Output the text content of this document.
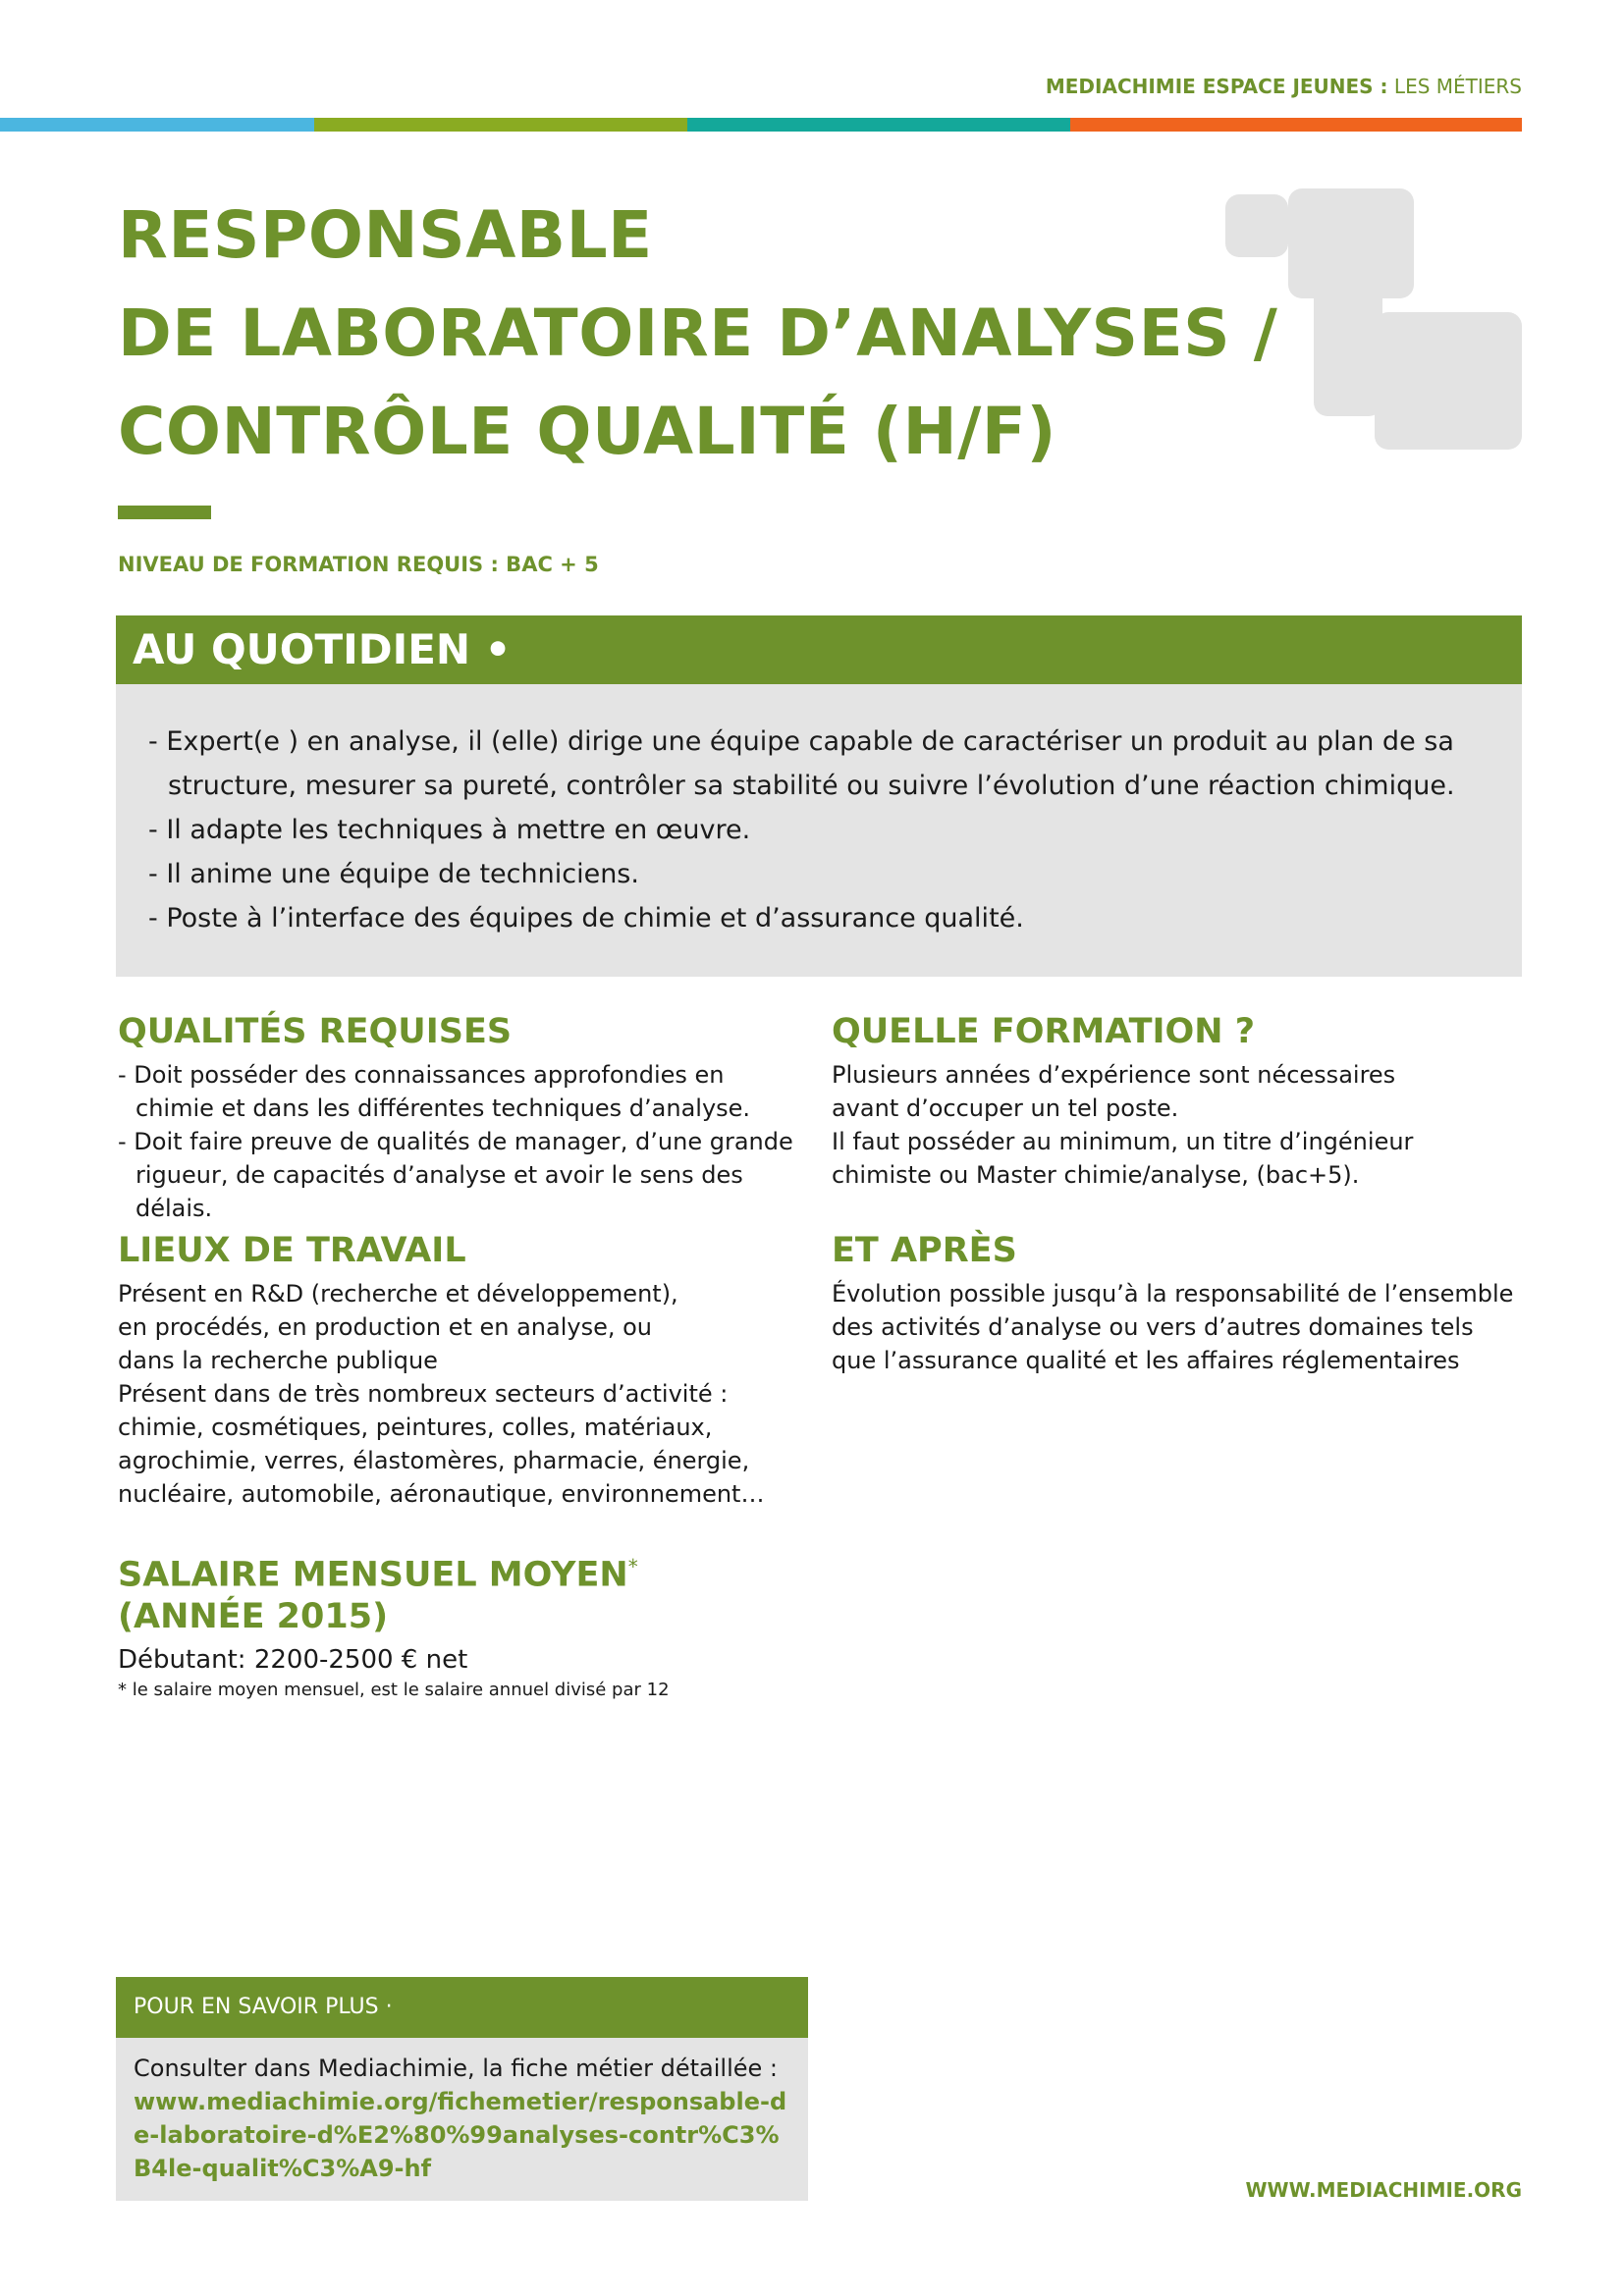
MEDIACHIMIE ESPACE JEUNES : LES MÉTIERS
RESPONSABLE
DE LABORATOIRE D’ANALYSES /
CONTRÔLE QUALITÉ (H/F)
NIVEAU DE FORMATION REQUIS : BAC + 5
AU QUOTIDIEN •
- Expert(e ) en analyse, il (elle) dirige une équipe capable de caractériser un produit au plan de sa structure, mesurer sa pureté, contrôler sa stabilité ou suivre l’évolution d’une réaction chimique.
- Il adapte les techniques à mettre en œuvre.
- Il anime une équipe de techniciens.
- Poste à l’interface des équipes de chimie et d’assurance qualité.
QUALITÉS REQUISES
- Doit posséder des connaissances approfondies en chimie et dans les différentes techniques d’analyse.
- Doit faire preuve de qualités de manager, d’une grande rigueur, de capacités d’analyse et avoir le sens des délais.
LIEUX DE TRAVAIL

Présent en R&D (recherche et développement), en procédés, en production et en analyse, ou dans la recherche publique

Présent dans de très nombreux secteurs d’activité : chimie, cosmétiques, peintures, colles, matériaux, agrochimie, verres, élastomères, pharmacie, énergie, nucléaire, automobile, aéronautique, environnement…

SALAIRE MENSUEL MOYEN*
(ANNÉE 2015)

Débutant: 2200-2500 € net

* le salaire moyen mensuel, est le salaire annuel divisé par 12

QUELLE FORMATION ?

Plusieurs années d’expérience sont nécessaires avant d’occuper un tel poste.

Il faut posséder au minimum, un titre d’ingénieur chimiste ou Master chimie/analyse, (bac+5).

ET APRÈS

Évolution possible jusqu’à la responsabilité de l’ensemble des activités d’analyse ou vers d’autres domaines tels que l’assurance qualité et les affaires réglementaires

POUR EN SAVOIR PLUS ·

Consulter dans Mediachimie, la fiche métier détaillée :

www.mediachimie.org/fichemetier/responsable-de-laboratoire-d%E2%80%99analyses-contr%C3%B4le-qualit%C3%A9-hf
WWW.MEDIACHIMIE.ORG
